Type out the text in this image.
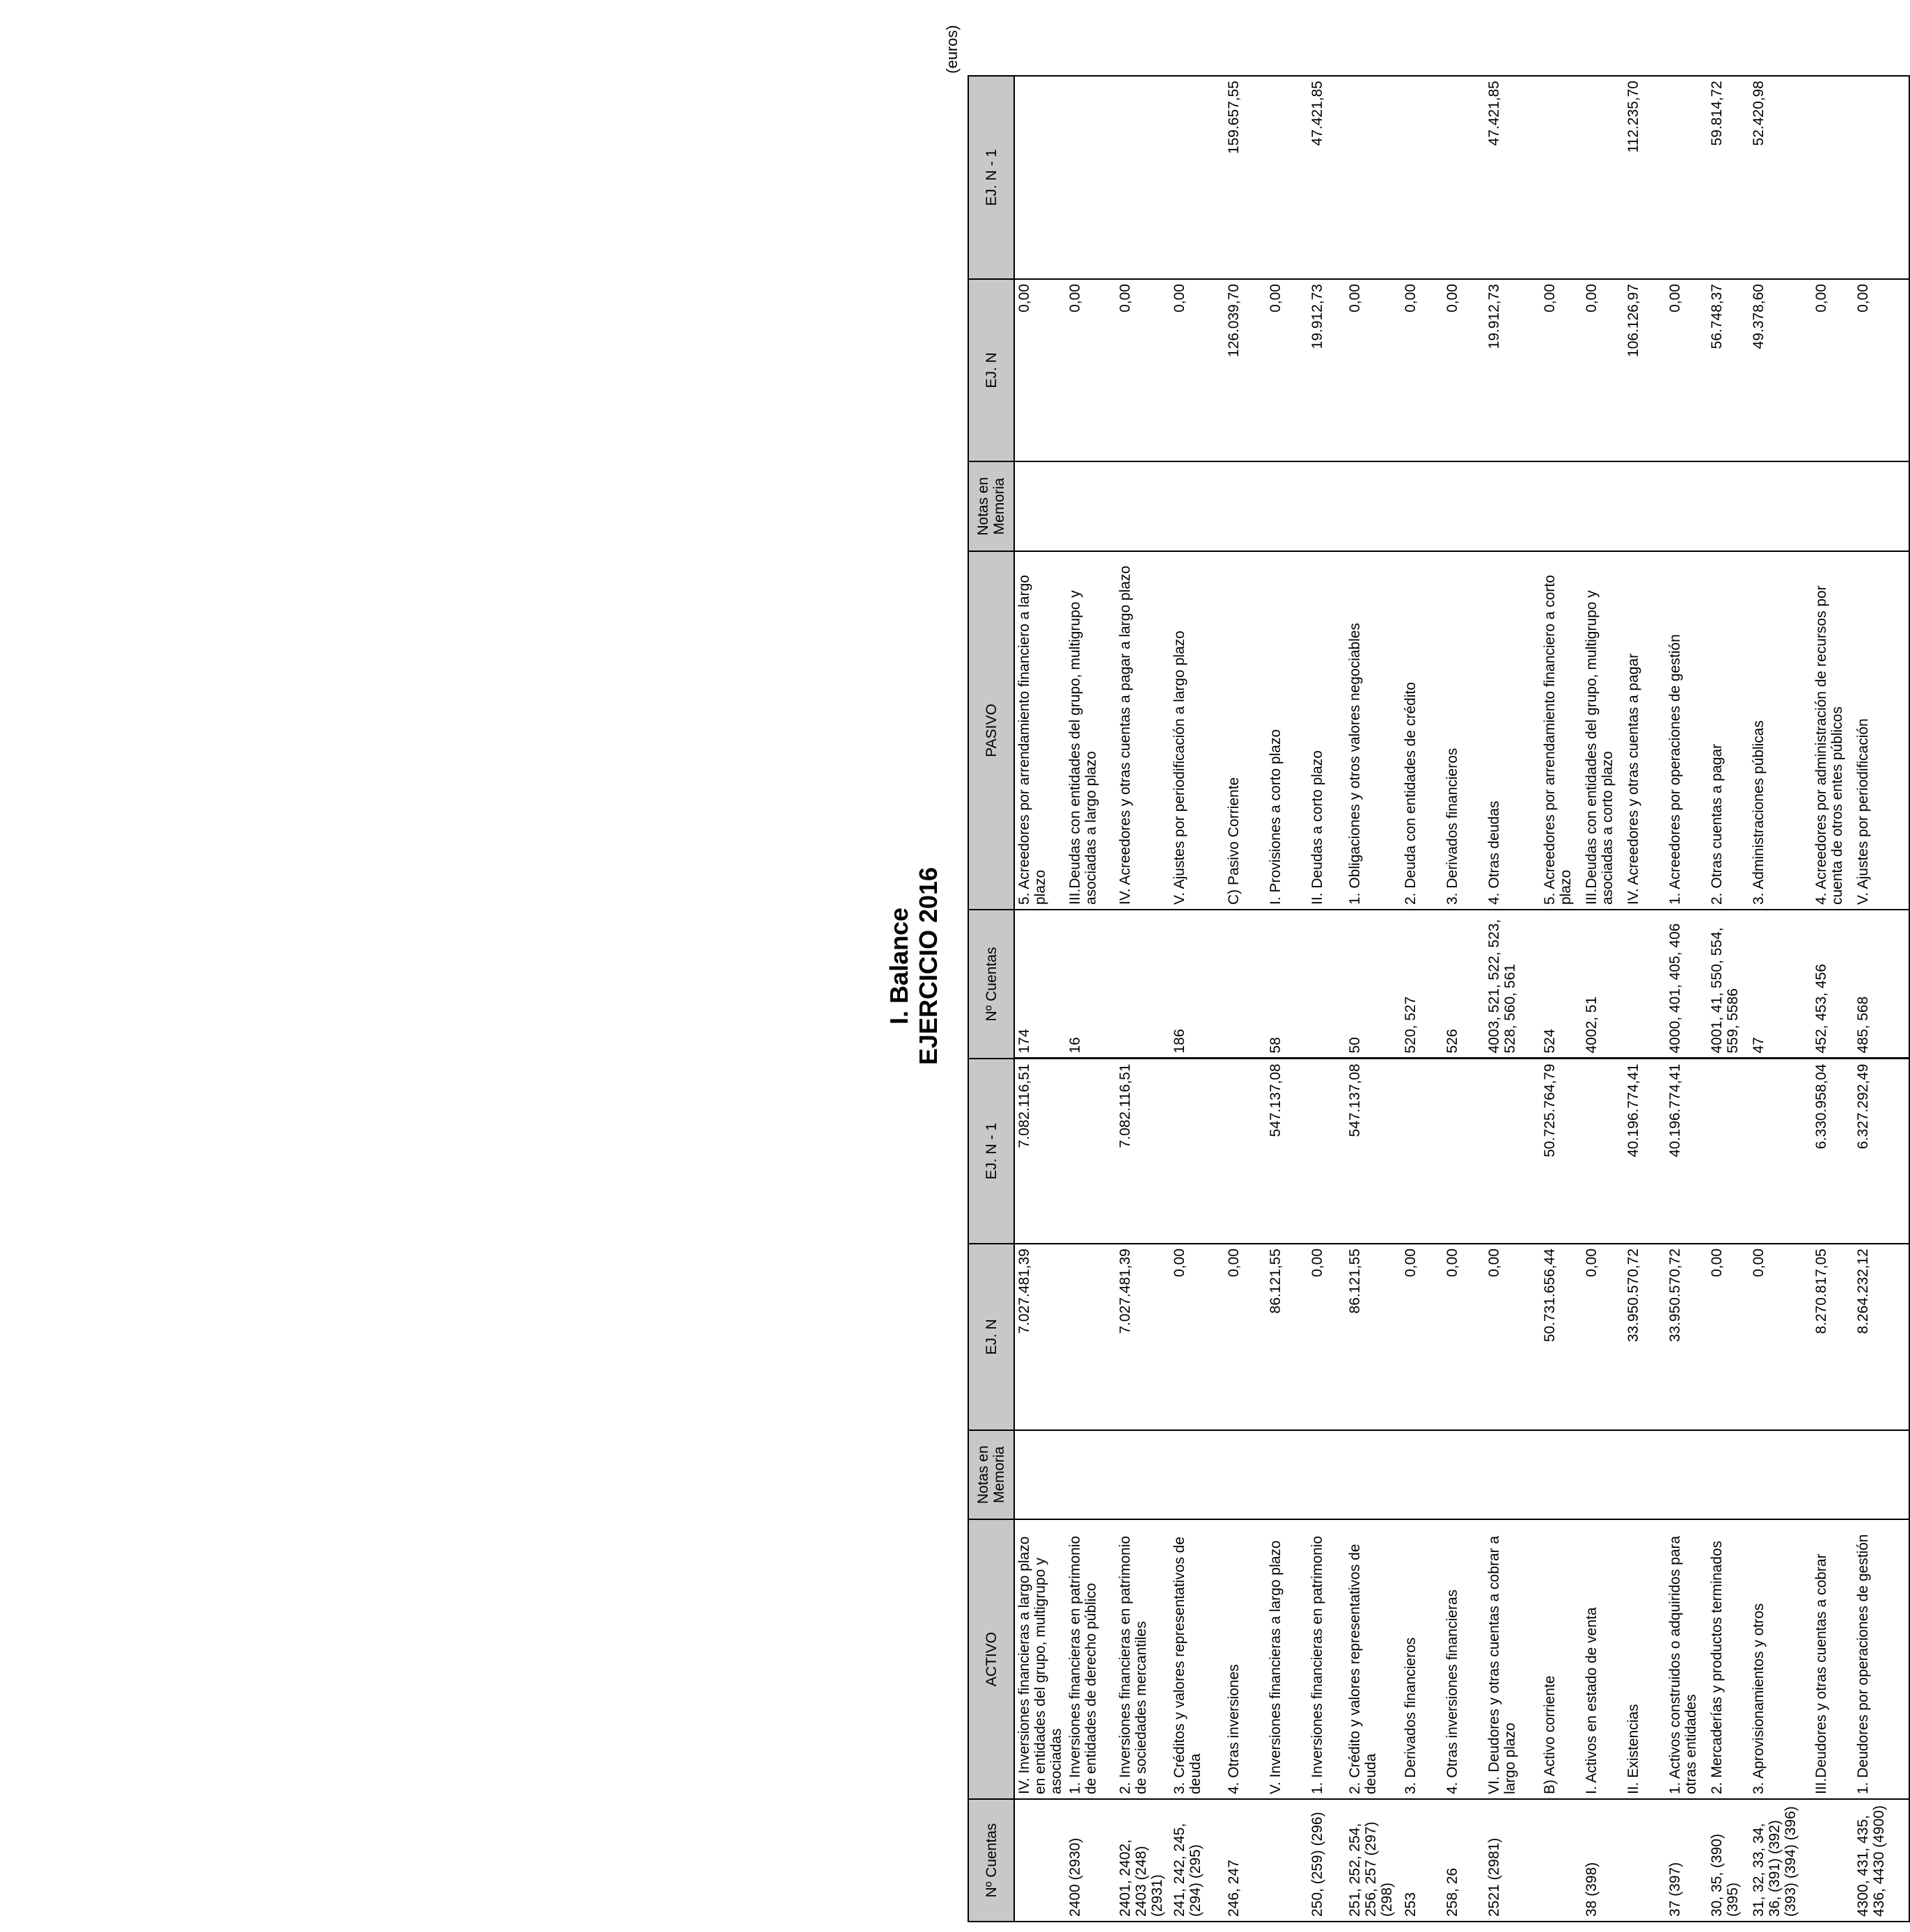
I. Balance EJERCICIO 2016
(euros)
Nº Cuentas	ACTIVO	Notas en Memoria	EJ. N	EJ. N - 1	Nº Cuentas	PASIVO	Notas en Memoria	EJ. N	EJ. N - 1
	IV. Inversiones financieras a largo plazo en entidades del grupo, multigrupo y asociadas		7.027.481,39	7.082.116,51	174	5. Acreedores por arrendamiento financiero a largo plazo		0,00	
2400 (2930)	1. Inversiones financieras en patrimonio de entidades de derecho público				16	III.Deudas con entidades del grupo, multigrupo y asociadas a largo plazo		0,00	
2401, 2402, 2403 (248) (2931)	2. Inversiones financieras en patrimonio de sociedades mercantiles		7.027.481,39	7.082.116,51		IV. Acreedores y otras cuentas a pagar a largo plazo		0,00	
241, 242, 245, (294) (295)	3. Créditos y valores representativos de deuda		0,00		186	V. Ajustes por periodificación a largo plazo		0,00	
246, 247	4. Otras inversiones		0,00			C) Pasivo Corriente		126.039,70	159.657,55
	V. Inversiones financieras a largo plazo		86.121,55	547.137,08	58	I. Provisiones a corto plazo		0,00	
250, (259) (296)	1. Inversiones financieras en patrimonio		0,00			II. Deudas a corto plazo		19.912,73	47.421,85
251, 252, 254, 256, 257 (297) (298)	2. Crédito y valores representativos de deuda		86.121,55	547.137,08	50	1. Obligaciones y otros valores negociables		0,00	
253	3. Derivados financieros		0,00		520, 527	2. Deuda con entidades de crédito		0,00	
258, 26	4. Otras inversiones financieras		0,00		526	3. Derivados financieros		0,00	
2521 (2981)	VI. Deudores y otras cuentas a cobrar a largo plazo		0,00		4003, 521, 522, 523, 528, 560, 561	4. Otras deudas		19.912,73	47.421,85
	B) Activo corriente		50.731.656,44	50.725.764,79	524	5. Acreedores por arrendamiento financiero a corto plazo		0,00	
38 (398)	I. Activos en estado de venta		0,00		4002, 51	III.Deudas con entidades del grupo, multigrupo y asociadas a corto plazo		0,00	
	II. Existencias		33.950.570,72	40.196.774,41		IV. Acreedores y otras cuentas a pagar		106.126,97	112.235,70
37 (397)	1. Activos construidos o adquiridos para otras entidades		33.950.570,72	40.196.774,41	4000, 401, 405, 406	1. Acreedores por operaciones de gestión		0,00	
30, 35, (390) (395)	2. Mercaderías y productos terminados		0,00		4001, 41, 550, 554, 559, 5586	2. Otras cuentas a pagar		56.748,37	59.814,72
31, 32, 33, 34, 36, (391) (392) (393) (394) (396)	3. Aprovisionamientos y otros		0,00		47	3. Administraciones públicas		49.378,60	52.420,98
	III.Deudores y otras cuentas a cobrar		8.270.817,05	6.330.958,04	452, 453, 456	4. Acreedores por administración de recursos por cuenta de otros entes públicos		0,00	
4300, 431, 435, 436, 4430 (4900)	1. Deudores por operaciones de gestión		8.264.232,12	6.327.292,49	485, 568	V. Ajustes por periodificación		0,00	
